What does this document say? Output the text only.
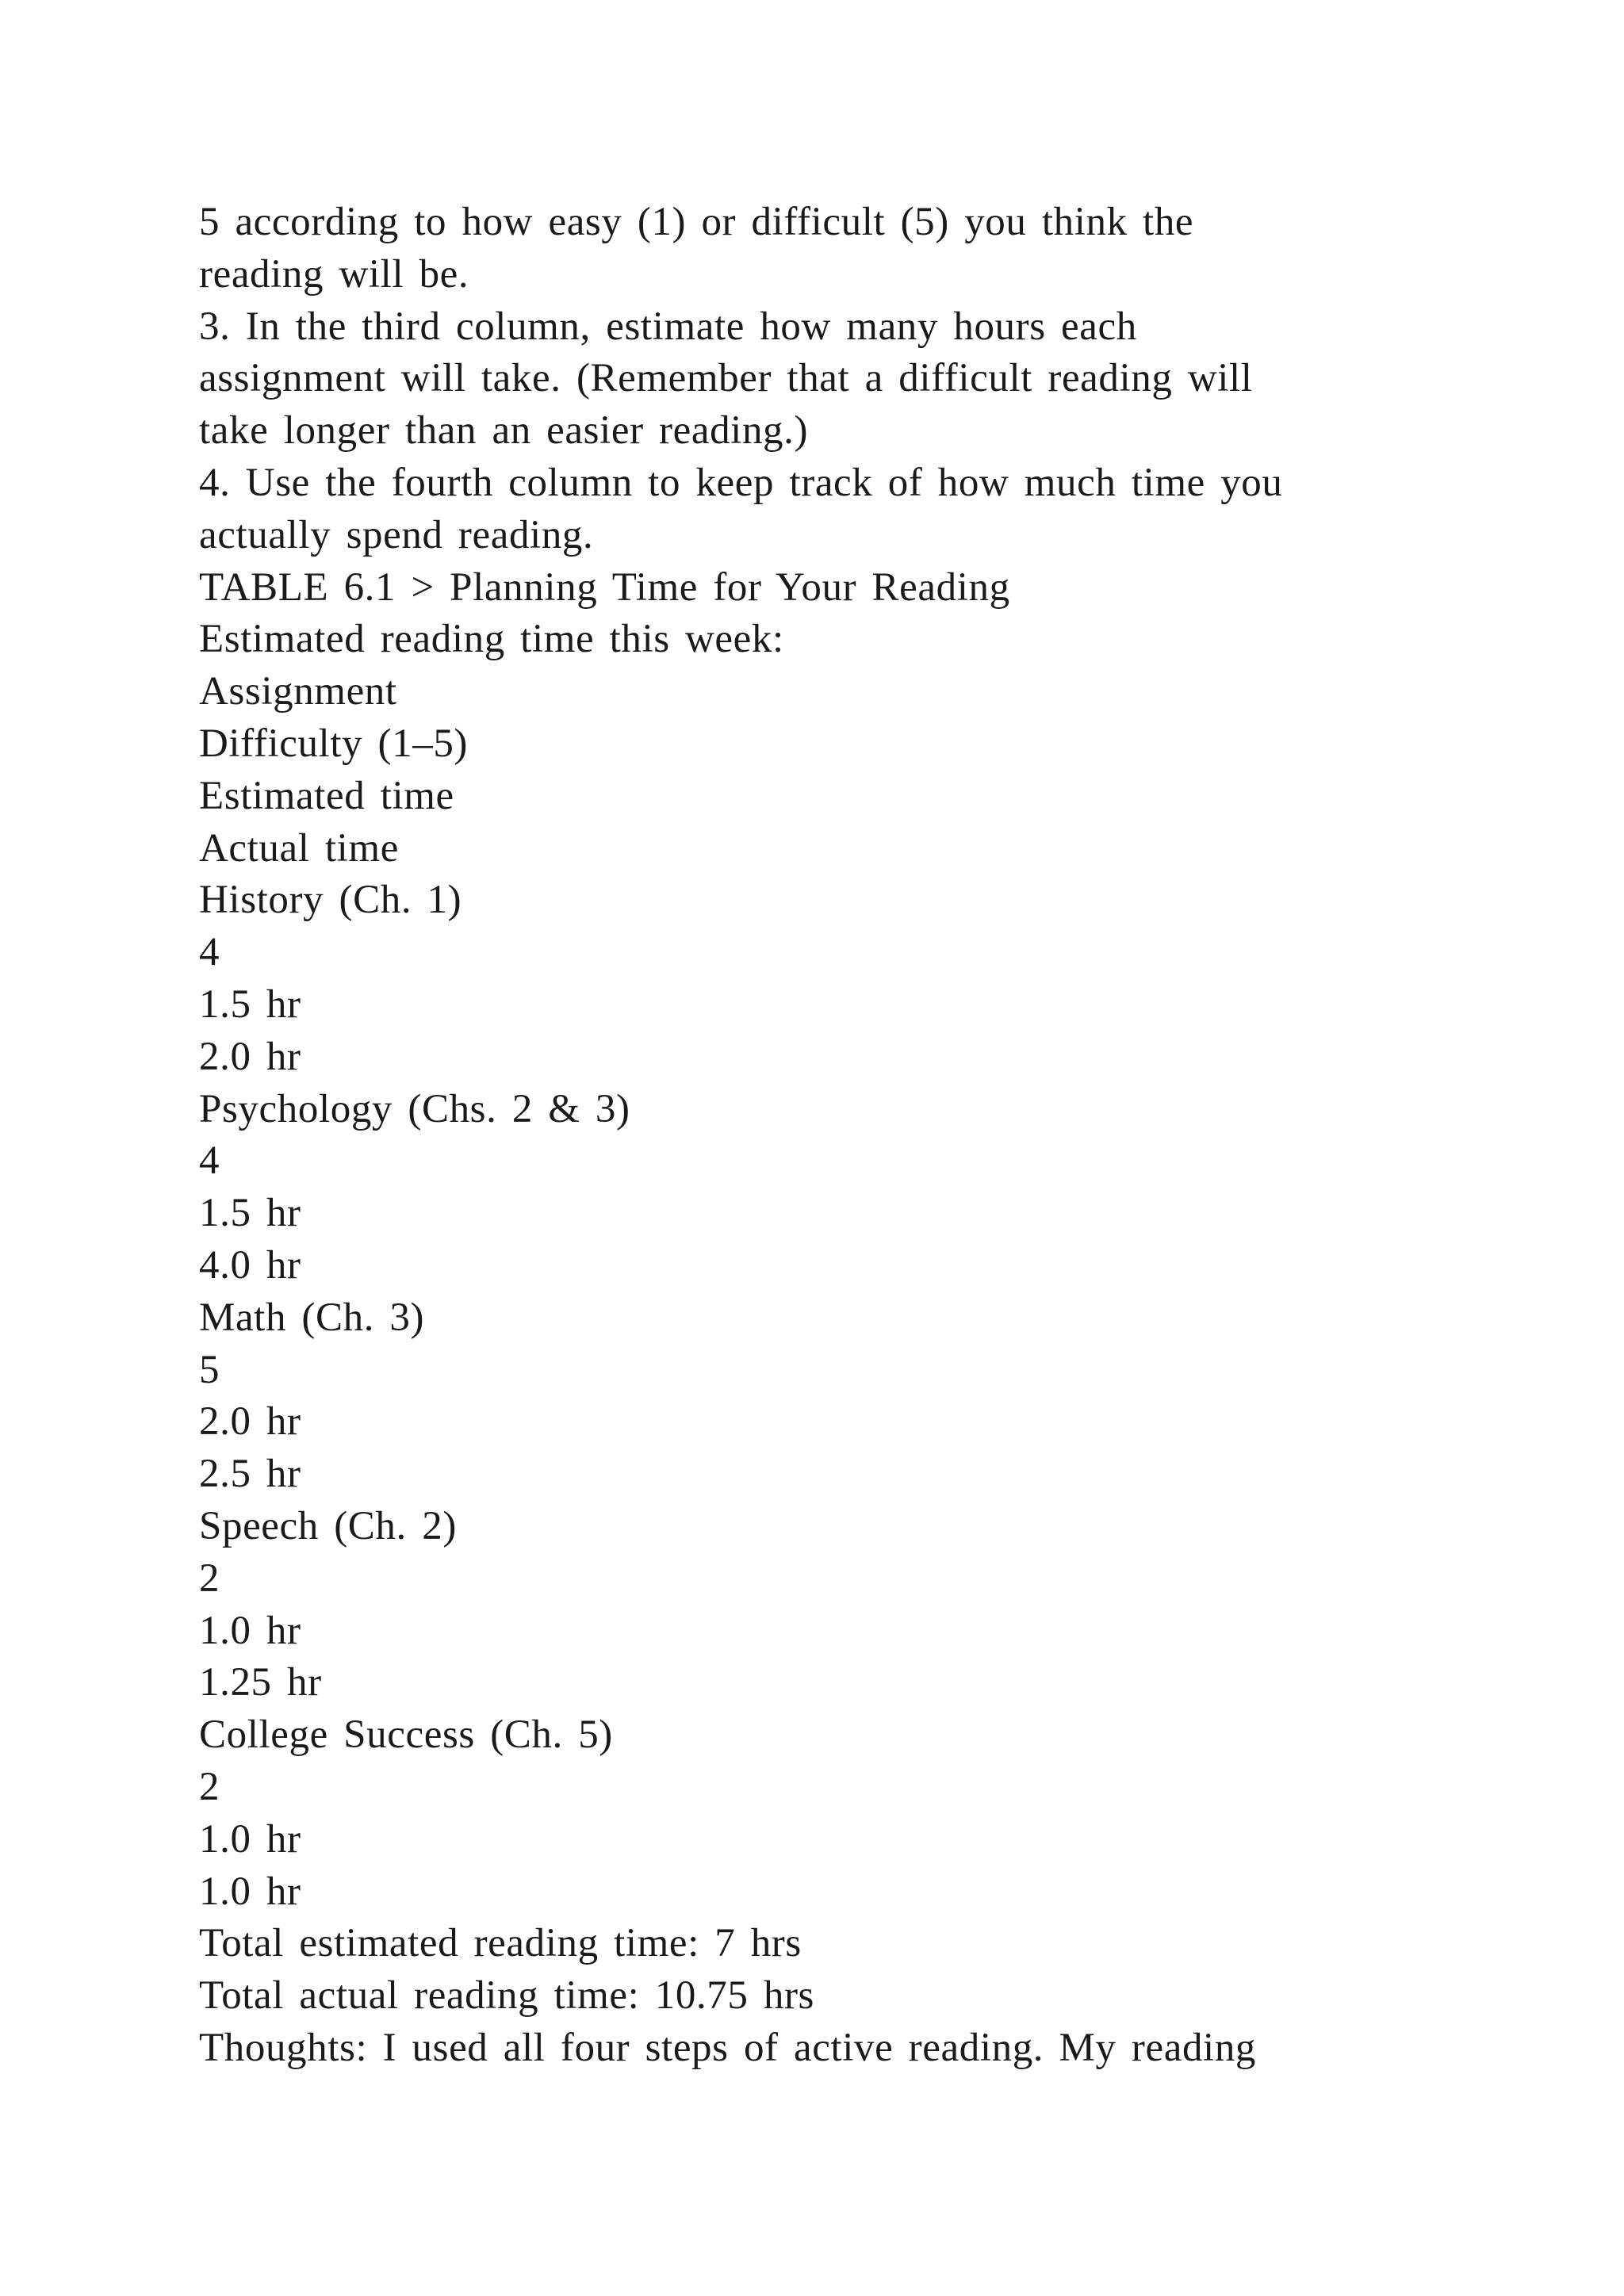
5 according to how easy (1) or difficult (5) you think the
reading will be.
3. In the third column, estimate how many hours each
assignment will take. (Remember that a difficult reading will
take longer than an easier reading.)
4. Use the fourth column to keep track of how much time you
actually spend reading.
TABLE 6.1 > Planning Time for Your Reading
Estimated reading time this week:
Assignment
Difficulty (1–5)
Estimated time
Actual time
History (Ch. 1)
4
1.5 hr
2.0 hr
Psychology (Chs. 2 & 3)
4
1.5 hr
4.0 hr
Math (Ch. 3)
5
2.0 hr
2.5 hr
Speech (Ch. 2)
2
1.0 hr
1.25 hr
College Success (Ch. 5)
2
1.0 hr
1.0 hr
Total estimated reading time: 7 hrs
Total actual reading time: 10.75 hrs
Thoughts: I used all four steps of active reading. My reading
